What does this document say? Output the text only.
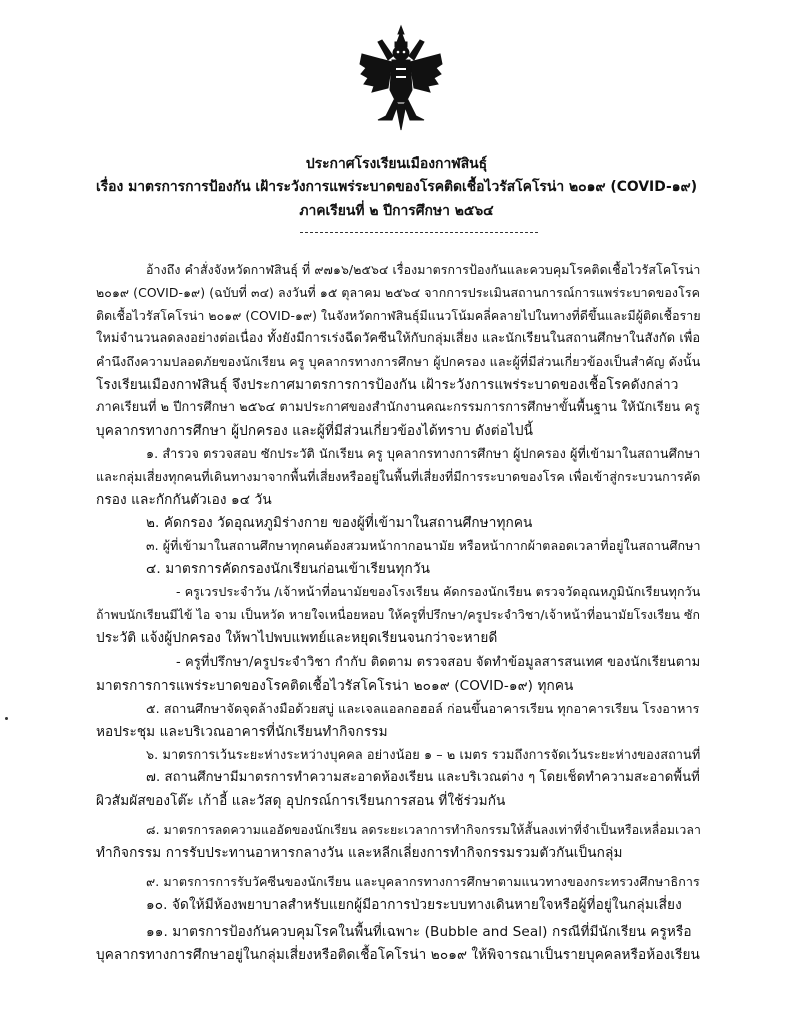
ประกาศโรงเรียนเมืองกาฬสินธุ์
เรื่อง มาตรการการป้องกัน เฝ้าระวังการแพร่ระบาดของโรคติดเชื้อไวรัสโคโรน่า ๒๐๑๙ (COVID-๑๙)
ภาคเรียนที่ ๒ ปีการศึกษา ๒๕๖๔
อ้างถึง คำสั่งจังหวัดกาฬสินธุ์ ที่ ๙๗๑๖/๒๕๖๔ เรื่องมาตรการป้องกันและควบคุมโรคติดเชื้อไวรัสโคโรน่า
๒๐๑๙ (COVID-๑๙) (ฉบับที่ ๓๔) ลงวันที่ ๑๕ ตุลาคม ๒๕๖๔ จากการประเมินสถานการณ์การแพร่ระบาดของโรค
ติดเชื้อไวรัสโคโรน่า ๒๐๑๙ (COVID-๑๙) ในจังหวัดกาฬสินธุ์มีแนวโน้มคลี่คลายไปในทางที่ดีขึ้นและมีผู้ติดเชื้อราย
ใหม่จำนวนลดลงอย่างต่อเนื่อง ทั้งยังมีการเร่งฉีดวัคซีนให้กับกลุ่มเสี่ยง และนักเรียนในสถานศึกษาในสังกัด เพื่อ
คำนึงถึงความปลอดภัยของนักเรียน ครู บุคลากรทางการศึกษา ผู้ปกครอง และผู้ที่มีส่วนเกี่ยวข้องเป็นสำคัญ ดังนั้น
โรงเรียนเมืองกาฬสินธุ์ จึงประกาศมาตรการการป้องกัน เฝ้าระวังการแพร่ระบาดของเชื้อโรคดังกล่าว
ภาคเรียนที่ ๒ ปีการศึกษา ๒๕๖๔ ตามประกาศของสำนักงานคณะกรรมการการศึกษาขั้นพื้นฐาน ให้นักเรียน ครู
บุคลากรทางการศึกษา ผู้ปกครอง และผู้ที่มีส่วนเกี่ยวข้องได้ทราบ ดังต่อไปนี้
๑. สำรวจ ตรวจสอบ ซักประวัติ นักเรียน ครู บุคลากรทางการศึกษา ผู้ปกครอง ผู้ที่เข้ามาในสถานศึกษา
และกลุ่มเสี่ยงทุกคนที่เดินทางมาจากพื้นที่เสี่ยงหรืออยู่ในพื้นที่เสี่ยงที่มีการระบาดของโรค เพื่อเข้าสู่กระบวนการคัด
กรอง และกักกันตัวเอง ๑๔ วัน
๒. คัดกรอง วัดอุณหภูมิร่างกาย ของผู้ที่เข้ามาในสถานศึกษาทุกคน
๓. ผู้ที่เข้ามาในสถานศึกษาทุกคนต้องสวมหน้ากากอนามัย หรือหน้ากากผ้าตลอดเวลาที่อยู่ในสถานศึกษา
๔. มาตรการคัดกรองนักเรียนก่อนเข้าเรียนทุกวัน
- ครูเวรประจำวัน /เจ้าหน้าที่อนามัยของโรงเรียน คัดกรองนักเรียน ตรวจวัดอุณหภูมินักเรียนทุกวัน
ถ้าพบนักเรียนมีไข้ ไอ จาม เป็นหวัด หายใจเหนื่อยหอบ ให้ครูที่ปรึกษา/ครูประจำวิชา/เจ้าหน้าที่อนามัยโรงเรียน ซัก
ประวัติ แจ้งผู้ปกครอง ให้พาไปพบแพทย์และหยุดเรียนจนกว่าจะหายดี
- ครูที่ปรึกษา/ครูประจำวิชา กำกับ ติดตาม ตรวจสอบ จัดทำข้อมูลสารสนเทศ ของนักเรียนตาม
มาตรการการแพร่ระบาดของโรคติดเชื้อไวรัสโคโรน่า ๒๐๑๙ (COVID-๑๙) ทุกคน
๕. สถานศึกษาจัดจุดล้างมือด้วยสบู่ และเจลแอลกอฮอล์ ก่อนขึ้นอาคารเรียน ทุกอาคารเรียน โรงอาหาร
หอประชุม และบริเวณอาคารที่นักเรียนทำกิจกรรม
๖. มาตรการเว้นระยะห่างระหว่างบุคคล อย่างน้อย ๑ – ๒ เมตร รวมถึงการจัดเว้นระยะห่างของสถานที่
๗. สถานศึกษามีมาตรการทำความสะอาดห้องเรียน และบริเวณต่าง ๆ โดยเช็ดทำความสะอาดพื้นที่
ผิวสัมผัสของโต๊ะ เก้าอี้ และวัสดุ อุปกรณ์การเรียนการสอน ที่ใช้ร่วมกัน
๘. มาตรการลดความแออัดของนักเรียน ลดระยะเวลาการทำกิจกรรมให้สั้นลงเท่าที่จำเป็นหรือเหลื่อมเวลา
ทำกิจกรรม การรับประทานอาหารกลางวัน และหลีกเลี่ยงการทำกิจกรรมรวมตัวกันเป็นกลุ่ม
๙. มาตรการการรับวัคซีนของนักเรียน และบุคลากรทางการศึกษาตามแนวทางของกระทรวงศึกษาธิการ
๑๐. จัดให้มีห้องพยาบาลสำหรับแยกผู้มีอาการป่วยระบบทางเดินหายใจหรือผู้ที่อยู่ในกลุ่มเสี่ยง
๑๑. มาตรการป้องกันควบคุมโรคในพื้นที่เฉพาะ (Bubble and Seal) กรณีที่มีนักเรียน ครูหรือ
บุคลากรทางการศึกษาอยู่ในกลุ่มเสี่ยงหรือติดเชื้อโคโรน่า ๒๐๑๙ ให้พิจารณาเป็นรายบุคคลหรือห้องเรียน
